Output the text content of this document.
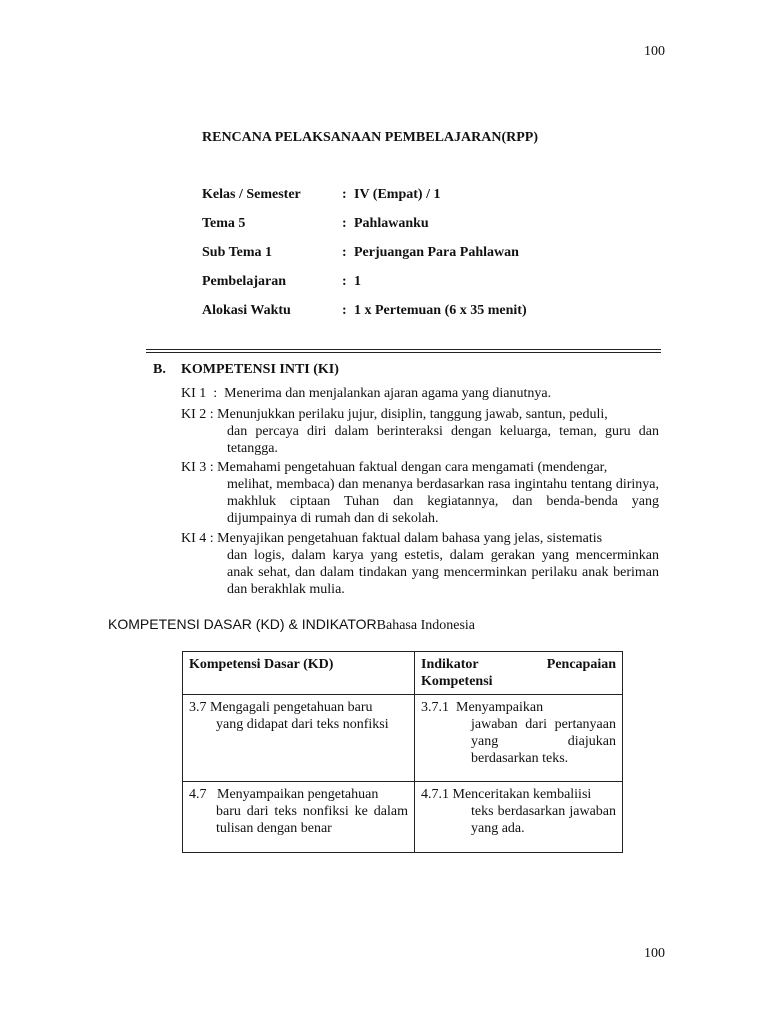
100
RENCANA PELAKSANAAN PEMBELAJARAN(RPP)
Kelas / Semester	: IV (Empat) / 1
Tema 5	: Pahlawanku
Sub Tema 1	: Perjuangan Para Pahlawan
Pembelajaran	: 1
Alokasi Waktu	: 1 x Pertemuan (6 x 35 menit)
B. KOMPETENSI INTI (KI)
KI 1  :  Menerima dan menjalankan ajaran agama yang dianutnya.
KI 2 : Menunjukkan perilaku jujur, disiplin, tanggung jawab, santun, peduli,
dan percaya diri dalam berinteraksi dengan keluarga, teman, guru dan tetangga.
KI 3 : Memahami pengetahuan faktual dengan cara mengamati (mendengar,
melihat, membaca) dan menanya berdasarkan rasa ingintahu tentang dirinya, makhluk ciptaan Tuhan dan kegiatannya, dan benda-benda yang dijumpainya di rumah dan di sekolah.
KI 4 : Menyajikan pengetahuan faktual dalam bahasa yang jelas, sistematis
dan logis, dalam karya yang estetis, dalam gerakan yang mencerminkan anak sehat, dan dalam tindakan yang mencerminkan perilaku anak beriman dan berakhlak mulia.
KOMPETENSI DASAR (KD) & INDIKATORBahasa Indonesia
Kompetensi Dasar (KD)	Indikator Pencapaian
Kompetensi

3.7 Mengagali pengetahuan baru
yang didapat dari teks nonfiksi	3.7.1 Menyampaikan
jawaban dari pertanyaan yang diajukan berdasarkan teks.

4.7 Menyampaikan pengetahuan
baru dari teks nonfiksi ke dalam tulisan dengan benar	4.7.1 Menceritakan kembaliisi
teks berdasarkan jawaban yang ada.
100
